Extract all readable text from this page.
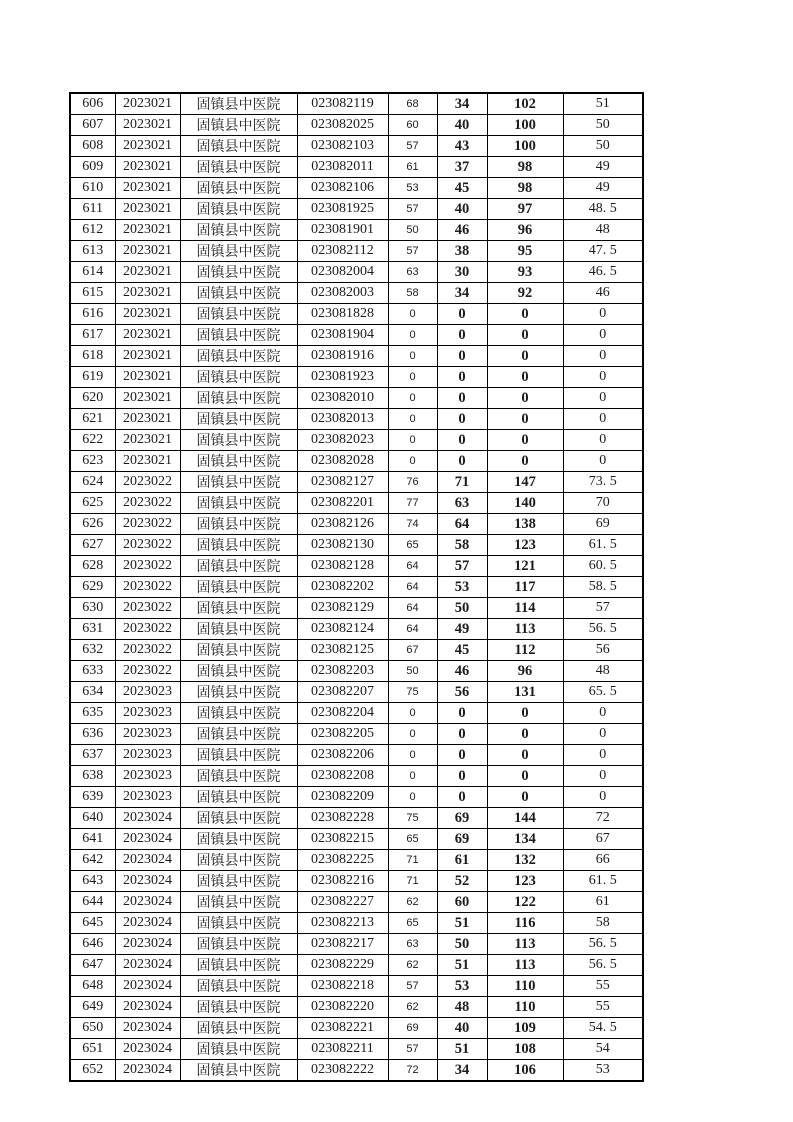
606	2023021	固镇县中医院	023082119	68	34	102	51
607	2023021	固镇县中医院	023082025	60	40	100	50
608	2023021	固镇县中医院	023082103	57	43	100	50
609	2023021	固镇县中医院	023082011	61	37	98	49
610	2023021	固镇县中医院	023082106	53	45	98	49
611	2023021	固镇县中医院	023081925	57	40	97	48. 5
612	2023021	固镇县中医院	023081901	50	46	96	48
613	2023021	固镇县中医院	023082112	57	38	95	47. 5
614	2023021	固镇县中医院	023082004	63	30	93	46. 5
615	2023021	固镇县中医院	023082003	58	34	92	46
616	2023021	固镇县中医院	023081828	0	0	0	0
617	2023021	固镇县中医院	023081904	0	0	0	0
618	2023021	固镇县中医院	023081916	0	0	0	0
619	2023021	固镇县中医院	023081923	0	0	0	0
620	2023021	固镇县中医院	023082010	0	0	0	0
621	2023021	固镇县中医院	023082013	0	0	0	0
622	2023021	固镇县中医院	023082023	0	0	0	0
623	2023021	固镇县中医院	023082028	0	0	0	0
624	2023022	固镇县中医院	023082127	76	71	147	73. 5
625	2023022	固镇县中医院	023082201	77	63	140	70
626	2023022	固镇县中医院	023082126	74	64	138	69
627	2023022	固镇县中医院	023082130	65	58	123	61. 5
628	2023022	固镇县中医院	023082128	64	57	121	60. 5
629	2023022	固镇县中医院	023082202	64	53	117	58. 5
630	2023022	固镇县中医院	023082129	64	50	114	57
631	2023022	固镇县中医院	023082124	64	49	113	56. 5
632	2023022	固镇县中医院	023082125	67	45	112	56
633	2023022	固镇县中医院	023082203	50	46	96	48
634	2023023	固镇县中医院	023082207	75	56	131	65. 5
635	2023023	固镇县中医院	023082204	0	0	0	0
636	2023023	固镇县中医院	023082205	0	0	0	0
637	2023023	固镇县中医院	023082206	0	0	0	0
638	2023023	固镇县中医院	023082208	0	0	0	0
639	2023023	固镇县中医院	023082209	0	0	0	0
640	2023024	固镇县中医院	023082228	75	69	144	72
641	2023024	固镇县中医院	023082215	65	69	134	67
642	2023024	固镇县中医院	023082225	71	61	132	66
643	2023024	固镇县中医院	023082216	71	52	123	61. 5
644	2023024	固镇县中医院	023082227	62	60	122	61
645	2023024	固镇县中医院	023082213	65	51	116	58
646	2023024	固镇县中医院	023082217	63	50	113	56. 5
647	2023024	固镇县中医院	023082229	62	51	113	56. 5
648	2023024	固镇县中医院	023082218	57	53	110	55
649	2023024	固镇县中医院	023082220	62	48	110	55
650	2023024	固镇县中医院	023082221	69	40	109	54. 5
651	2023024	固镇县中医院	023082211	57	51	108	54
652	2023024	固镇县中医院	023082222	72	34	106	53
